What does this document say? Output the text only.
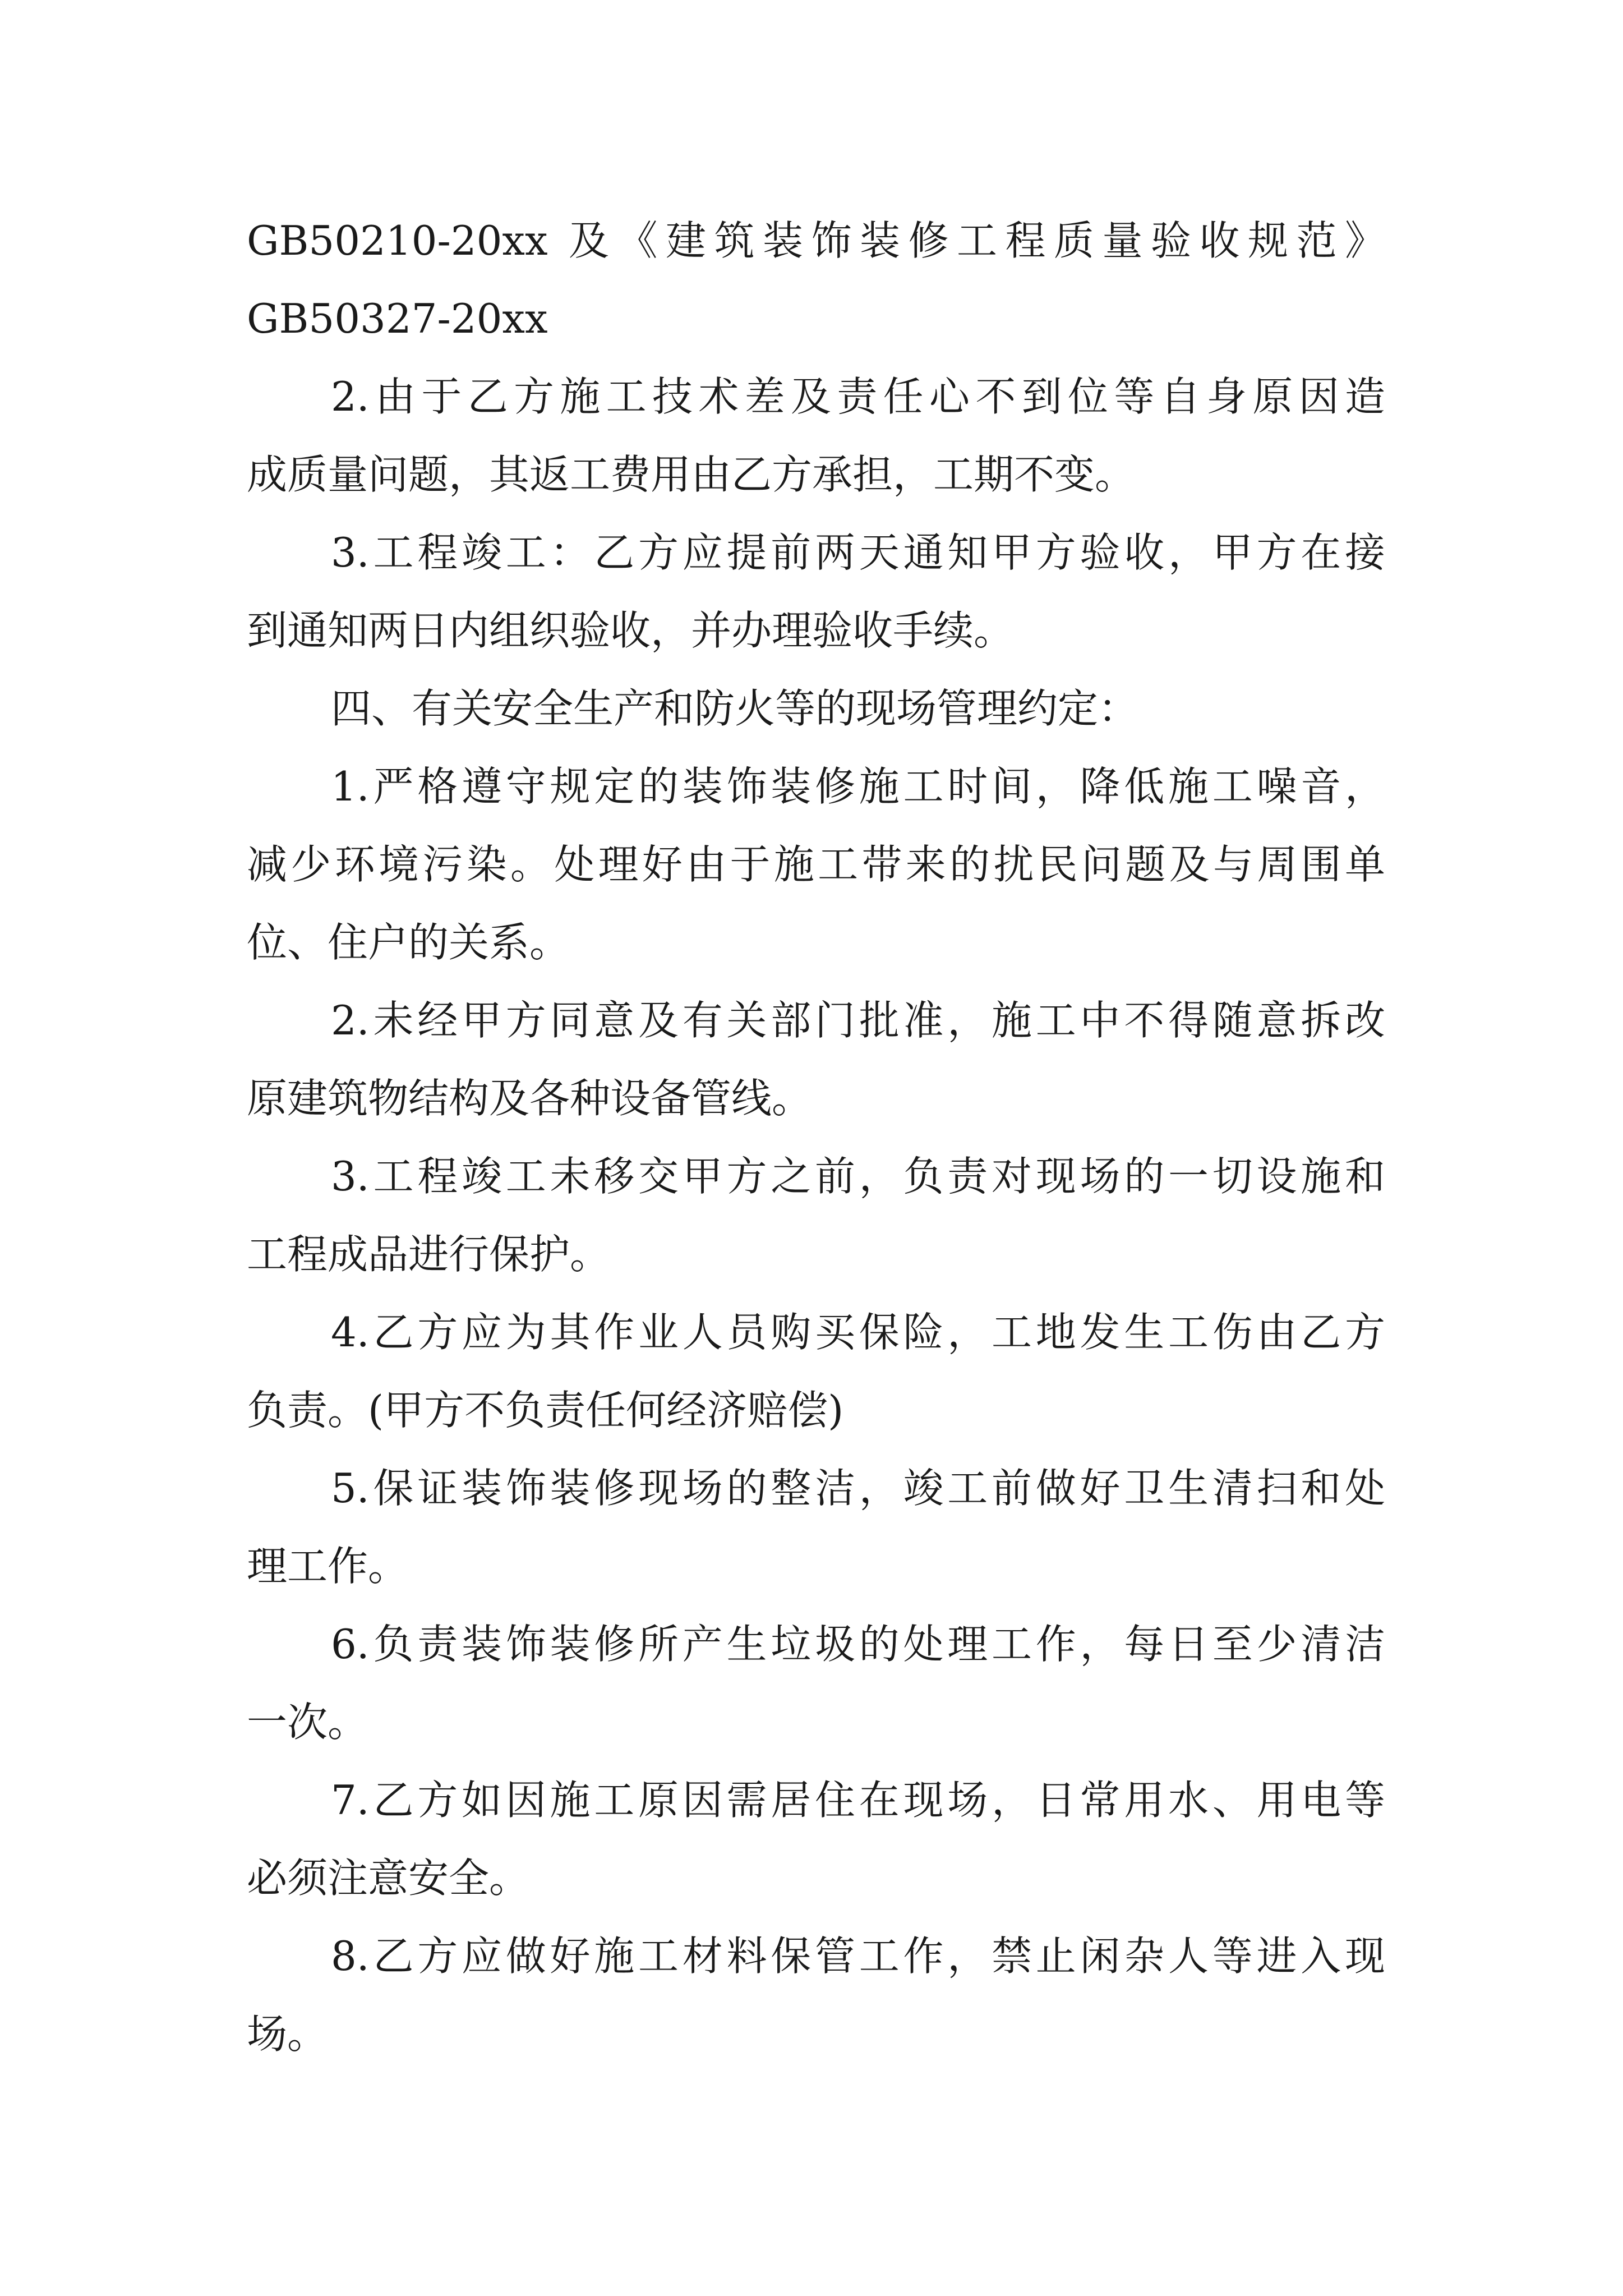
GB50210-20xx 及《建筑装饰装修工程质量验收规范》
GB50327-20xx
2.由于乙方施工技术差及责任心不到位等自身原因造
成质量问题，其返工费用由乙方承担，工期不变。
3.工程竣工：乙方应提前两天通知甲方验收，甲方在接
到通知两日内组织验收，并办理验收手续。
四、有关安全生产和防火等的现场管理约定：
1.严格遵守规定的装饰装修施工时间，降低施工噪音，
减少环境污染。处理好由于施工带来的扰民问题及与周围单
位、住户的关系。
2.未经甲方同意及有关部门批准，施工中不得随意拆改
原建筑物结构及各种设备管线。
3.工程竣工未移交甲方之前，负责对现场的一切设施和
工程成品进行保护。
4.乙方应为其作业人员购买保险，工地发生工伤由乙方
负责。(甲方不负责任何经济赔偿)
5.保证装饰装修现场的整洁，竣工前做好卫生清扫和处
理工作。
6.负责装饰装修所产生垃圾的处理工作，每日至少清洁
一次。
7.乙方如因施工原因需居住在现场，日常用水、用电等
必须注意安全。
8.乙方应做好施工材料保管工作，禁止闲杂人等进入现
场。
